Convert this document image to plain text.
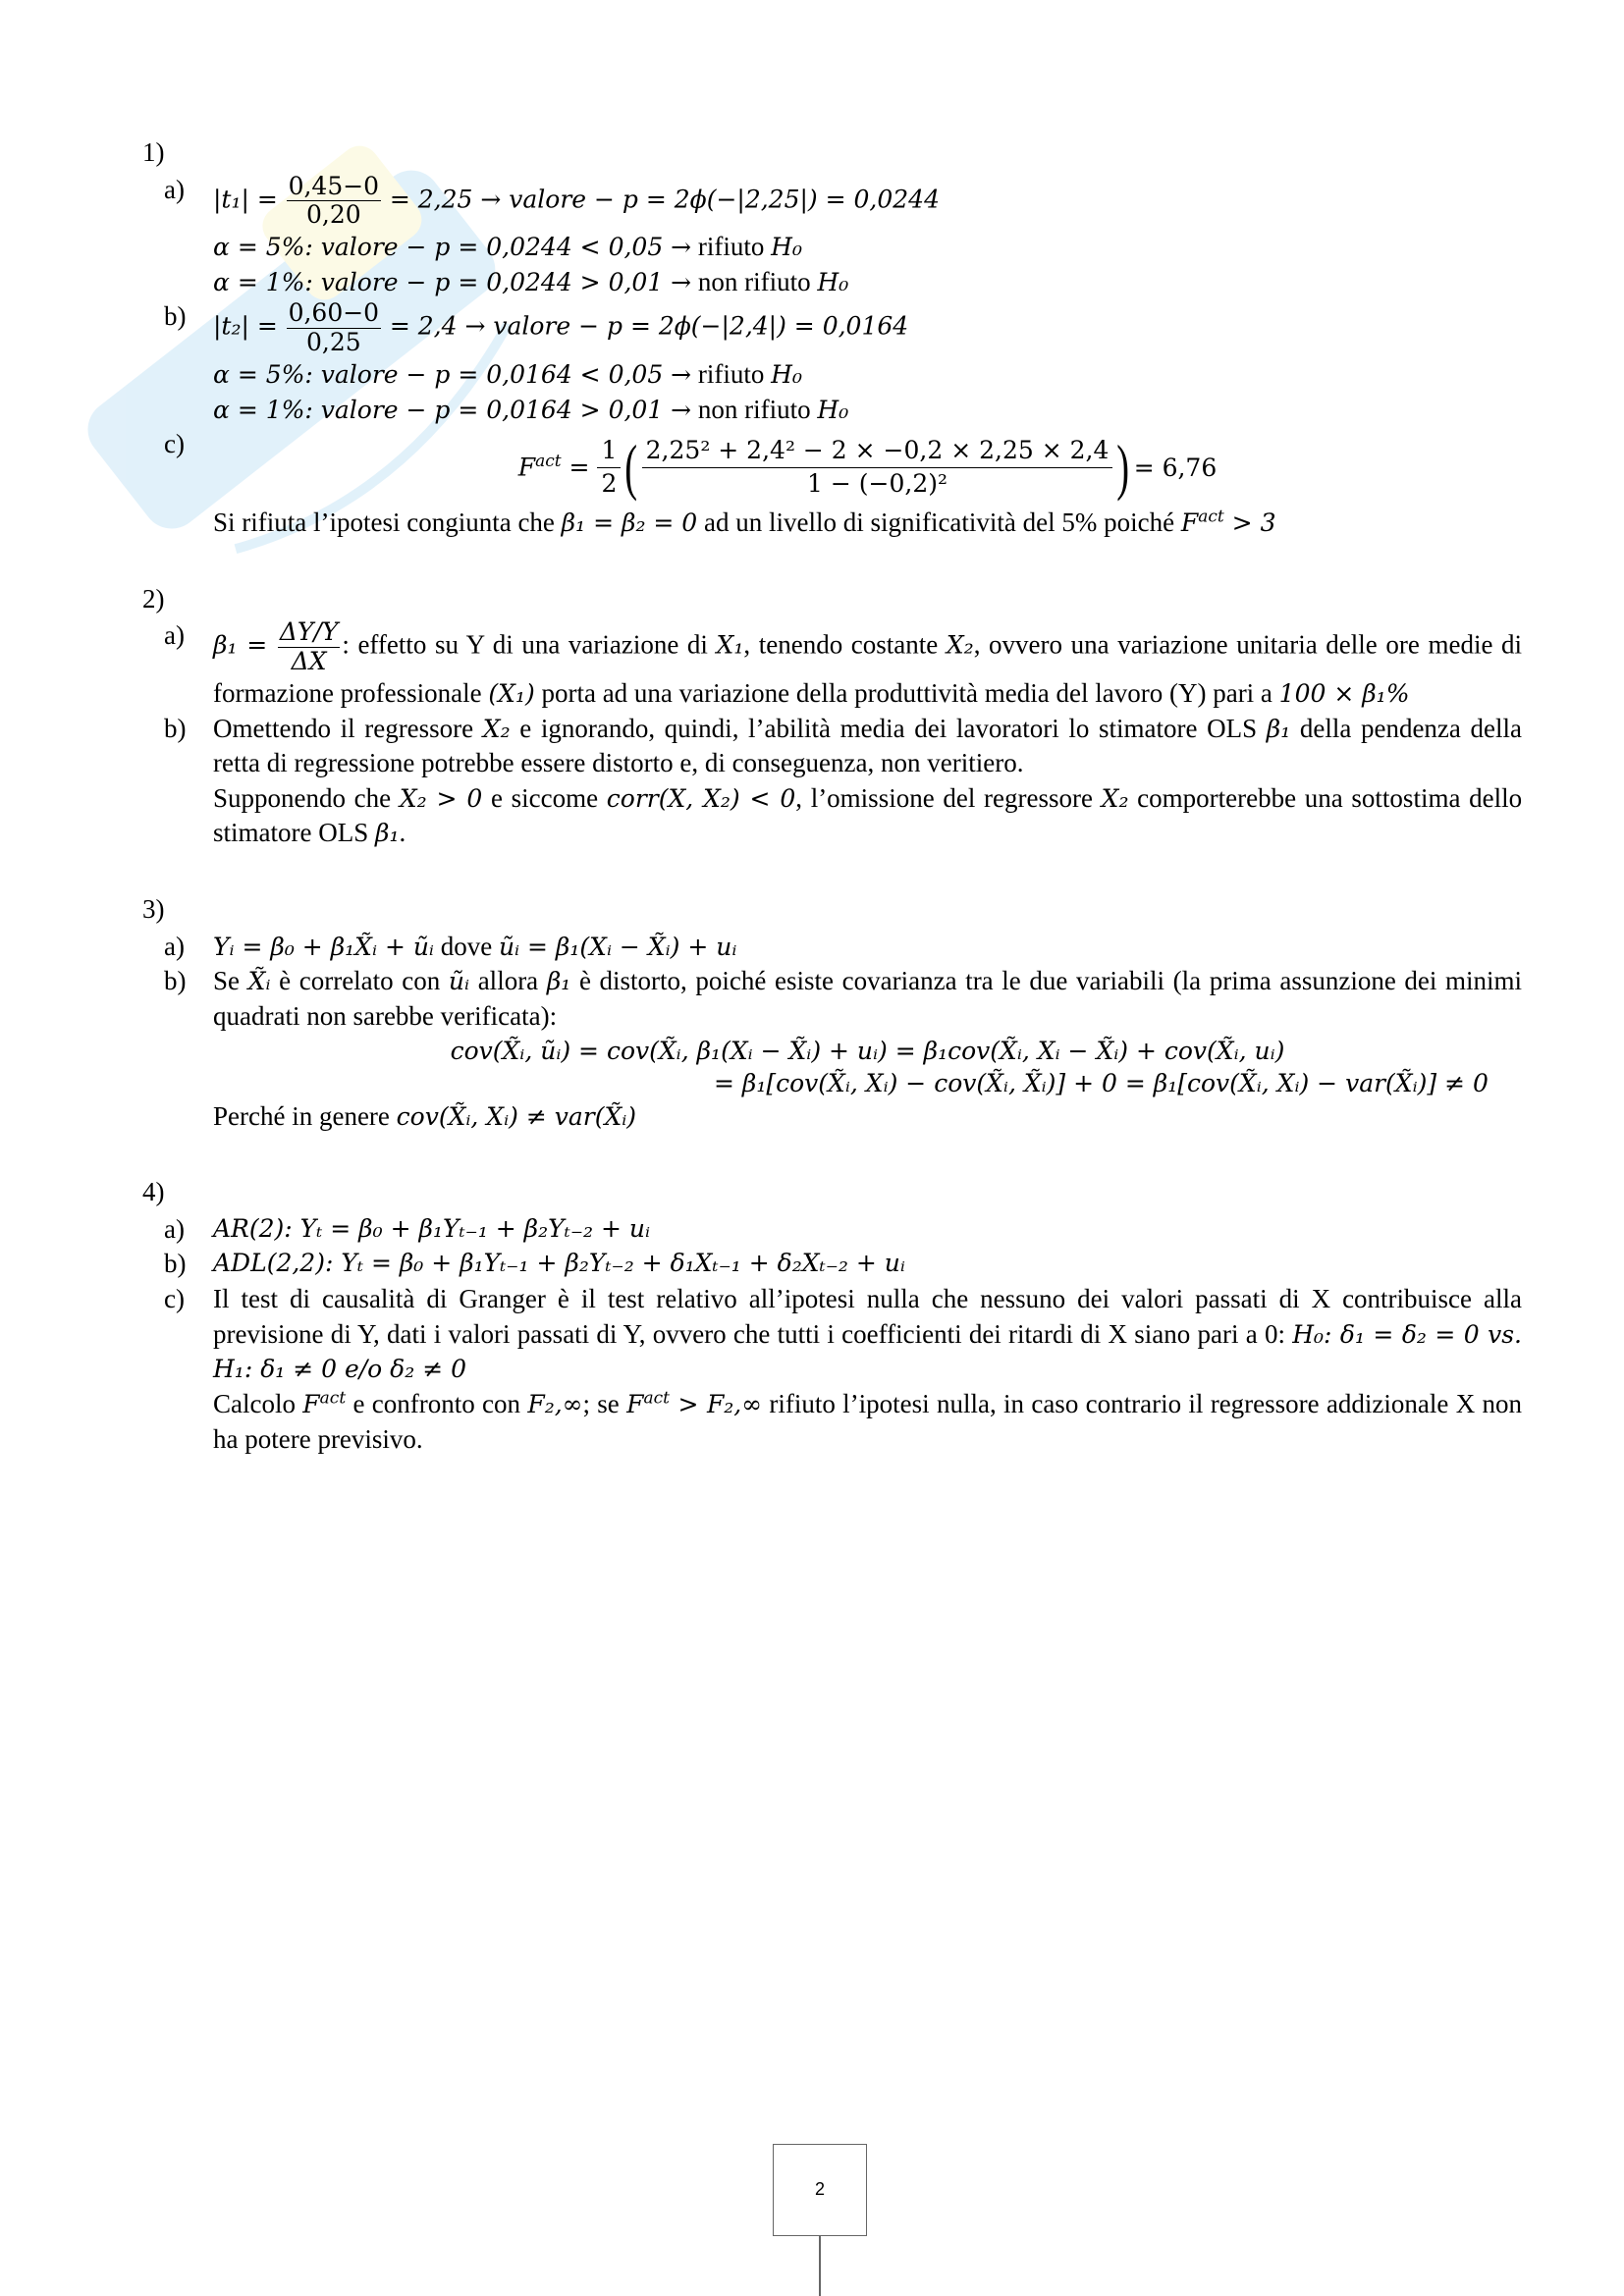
1)
a)	$|t_1| = \frac{0,45-0}{0,20} = 2,25$ → valore − p = 2ϕ(−|2,25|) = 0,0244
α = 5%: valore − p = 0,0244 < 0,05 → rifiuto H₀
α = 1%: valore − p = 0,0244 > 0,01 → non rifiuto H₀
b)	$|t_2| = \frac{0,60-0}{0,25} = 2,4$ → valore − p = 2ϕ(−|2,4|) = 0,0164
α = 5%: valore − p = 0,0164 < 0,05 → rifiuto H₀
α = 1%: valore − p = 0,0164 > 0,01 → non rifiuto H₀
c)
$F^{act} = \frac{1}{2}$ ( 2,25² + 2,4² − 2 × −0,2 × 2,25 × 2,4
1 − (−0,2)²	) = 6,76
Si rifiuta l’ipotesi congiunta che β₁ = β₂ = 0 ad un livello di significatività del 5% poiché $F^{act} > 3$
2)
a)	$\beta_1 = \frac{\Delta Y/Y}{\Delta X}$ : effetto su Y di una variazione di X₁, tenendo costante X₂, ovvero una variazione unitaria delle ore medie di formazione professionale (X₁) porta ad una variazione della produttività media del lavoro (Y) pari a 100 × β₁%
b)	Omettendo il regressore X₂ e ignorando, quindi, l’abilità media dei lavoratori lo stimatore OLS β₁ della pendenza della retta di regressione potrebbe essere distorto e, di conseguenza, non veritiero.
Supponendo che X₂ > 0 e siccome corr(X, X₂) < 0, l’omissione del regressore X₂ comporterebbe una sottostima dello stimatore OLS β₁.
3)
a)	Yᵢ = β₀ + β₁X̃ᵢ + ũᵢ dove ũᵢ = β₁(Xᵢ − X̃ᵢ) + uᵢ
b)	Se X̃ᵢ è correlato con ũᵢ allora β₁ è distorto, poiché esiste covarianza tra le due variabili (la prima assunzione dei minimi quadrati non sarebbe verificata):
cov(X̃ᵢ, ũᵢ) = cov(X̃ᵢ, β₁(Xᵢ − X̃ᵢ) + uᵢ) = β₁cov(X̃ᵢ, Xᵢ − X̃ᵢ) + cov(X̃ᵢ, uᵢ)
= β₁[cov(X̃ᵢ, Xᵢ) − cov(X̃ᵢ, X̃ᵢ)] + 0 = β₁[cov(X̃ᵢ, Xᵢ) − var(X̃ᵢ)] ≠ 0
Perché in genere cov(X̃ᵢ, Xᵢ) ≠ var(X̃ᵢ)
4)
a)	AR(2): Yₜ = β₀ + β₁Yₜ₋₁ + β₂Yₜ₋₂ + uᵢ
b)	ADL(2,2): Yₜ = β₀ + β₁Yₜ₋₁ + β₂Yₜ₋₂ + δ₁Xₜ₋₁ + δ₂Xₜ₋₂ + uᵢ
c)	Il test di causalità di Granger è il test relativo all’ipotesi nulla che nessuno dei valori passati di X contribuisce alla previsione di Y, dati i valori passati di Y, ovvero che tutti i coefficienti dei ritardi di X siano pari a 0: H₀: δ₁ = δ₂ = 0 vs. H₁: δ₁ ≠ 0 e/o δ₂ ≠ 0
Calcolo $F^{act}$ e confronto con F₂,∞; se $F^{act} > F_2,\infty$ rifiuto l’ipotesi nulla, in caso contrario il regressore addizionale X non ha potere previsivo.
2
